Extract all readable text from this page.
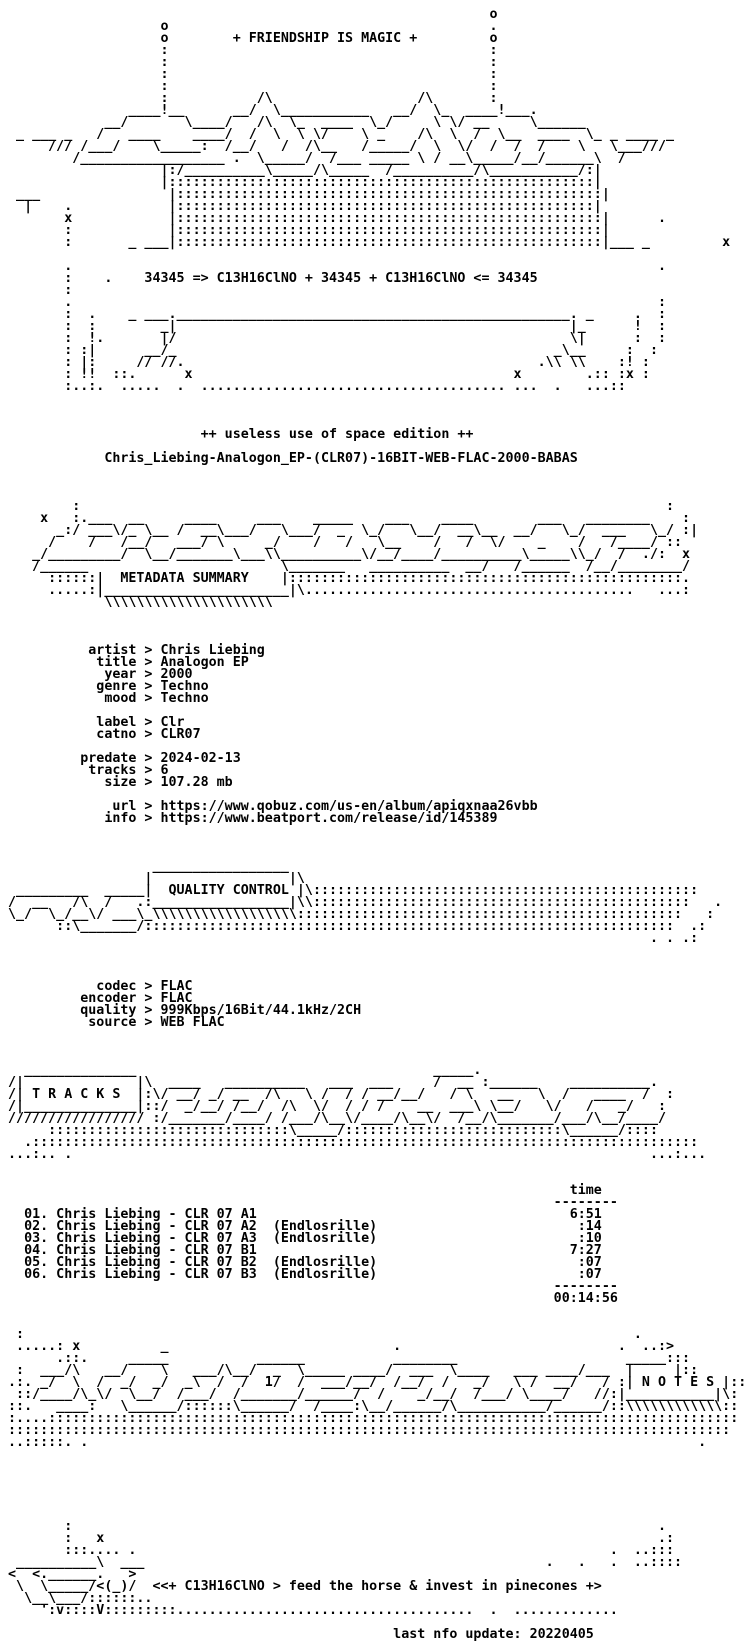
o
o                                        .
o        + FRIENDSHIP IS MAGIC +         o
:                                        :
:                                        :
:                                        :
:                                        :
:           /\                  /\       :
____!__      __/  \___________   __/  \_  ____!___.
__/       \____/   /\  \_  ____  \_/     \ \/ __     \______
_ ___ _   /   ____    ____/  /  \  \ \/    \ _    /\  \  /  \__  ____  \_ _ ____ _
/// /___/    \_____:  /__/   /  /\__   /_____/  \  \/  /  /  /    \   \___///
/__________________ .  \_____/  /___ _____ \ / __\_____/__/______\  /
|:/__________\_____/\_____  /__________/\___________/:|
|:::::::::::::::::::::::::::::::::::::::::::::::::::::|
___                |:::::::::::::::::::::::::::::::::::::::::::::::::::::|
|    .            |::::::::::::::::::::::::::::::::::::::::::::::::::::|
x            |:::::::::::::::::::::::::::::::::::::::::::::::::::::|      .
:            |:::::::::::::::::::::::::::::::::::::::::::::::::::::|
:       _ ___|:::::::::::::::::::::::::::::::::::::::::::::::::::::|___ _         x
.                                                                         .
:    .    34345 => C13H16ClNO + 34345 + C13H16ClNO <= 34345
:
.                                                                         :
:  .    _ ___._________________________________________________. _     .  :
:  :        _|                                                 |_      !  :
:  !.       |/                                                 \|      :  :
: :|      __/_                                               _\__     :  :
: |:     // //.                                            .\\ \\    :! :
: !!  ::.      x                                        x        .:: :x :
:..:.  .....  .  ...................................... ...  .   ...::
++ useless use of space edition ++
Chris_Liebing-Analogon_EP-(CLR07)-16BIT-WEB-FLAC-2000-BABAS
:                                                                         :
x   :.___  __     ____     ___    _____    ___    ____        ___   ________    :
_:/ ___\/_ \__ /  __\___/   \___/  _  \_/   \__/  __\__  __/   \_/  ___   \_/ :|
/    /   /__/   ___/ \     _/    /   /   \__    /   /  \/    _    /   /____/ ::
_/_________/  \__/_______\___\\__________\/__/____/__________\_____\\_/  /  ./:  x
/______                        \_______   __________  __/   /______  /__/________/
::::::|  METADATA SUMMARY    |:::::::::::::::::::::::::::::::::::::::::::::::::.
.....:|_______________________|\.........................................   ...:
\\\\\\\\\\\\\\\\\\\\\
artist > Chris Liebing
title > Analogon EP
year > 2000
genre > Techno
mood > Techno
label > Clr
catno > CLR07
predate > 2024-02-13
tracks > 6
size > 107.28 mb
url > https://www.qobuz.com/us-en/album/apiqxnaa26vbb
info > https://www.beatport.com/release/id/145389
_________________
|                 |\
_________  _____|  QUALITY CONTROL |\::::::::::::::::::::::::::::::::::::::::::::::::
/  __   /\  /   .:_________________|\\:::::::::::::::::::::::::::::::::::::::::::::::   .
\_/  \_/__\/ ___\_\\\\\\\\\\\\\\\\\\::::::::::::::::::::::::::::::::::::::::::::::::   :
::\_______/::::::::::::::::::::::::::::::::::::::::::::::::::::::::::::::::::  .:
. . .:
codec > FLAC
encoder > FLAC
quality > 999Kbps/16Bit/44.1kHz/2CH
source > WEB FLAC
______________                                     _____.
/|              |\  ____   __________   ___  ___     /  __ :______    __________.
/| T R A C K S  |:\/ __/ _/ __  /\   \ /  / / __/__/   / \   __   \  /   ____  /  :
/|______________|::/  _/__/ /__/  /\  \/  / / /    __  ___\ \__/   \/   /   _/   :
///////////////// :/_______/____/ /___/\__\/____/\__\/  /__/\_______/___/\__/____/
::::::::::::::::::::::::::::::\_____/:::::::::::::::::::::::::::\______/::::
.:::::::::::::::::::::::::::::::::::::::::::::::::::::::::::::::::::::::::::::::::::
...:.. .                                                                        ...:...
time
--------
01. Chris Liebing - CLR 07 A1                                       6:51
02. Chris Liebing - CLR 07 A2  (Endlosrille)                         :14
03. Chris Liebing - CLR 07 A3  (Endlosrille)                         :10
04. Chris Liebing - CLR 07 B1                                       7:27
05. Chris Liebing - CLR 07 B2  (Endlosrille)                         :07
06. Chris Liebing - CLR 07 B3  (Endlosrille)                         :07
--------
00:14:56
:                                                                            .
.....: x          _                            .                           .  ..:>
.::.     _____           ______           ________                     _____:::
:  ___/\   __/    \   ___/\__/  _  \_____ ____/  ___  \____   ___ ____/___  |     |::
.:. _/  \  /  _/  _/  _\  /  /  1/  /  ___/__/  /__/  /   _/   \ /  __/   / :| N O T E S |::
::/____/\_\/  \__/  /___/  /_______/______/  /    _/__/  /___/ \____/   //:|___________|\:
::.   ____:   \______/::::::\______/  /____:\__/______/\___________/______/::\\\\\\\\\\\\::
:....::::::::::::::::::::::::::::::::::::::::::::::::::::::::::::::::::::::::::::::::::::::
::::::::::::::::::::::::::::::::::::::::::::::::::::::::::::::::::::::::::::::::::::::::::
..:::::. .                                                                            .
:                                                                         .
:   x                                                                     .:
:::.... .                                                           .  ..:::
__________\  ___                                                  .   .   .  ..::::
<  <.______.   >
\  \_____/<(_)/  <<+ C13H16ClNO > feed the horse & invest in pinecones +>
\__\___/::::::..
':v::::V:::::::::.....................................  .  .............
last nfo update: 20220405
